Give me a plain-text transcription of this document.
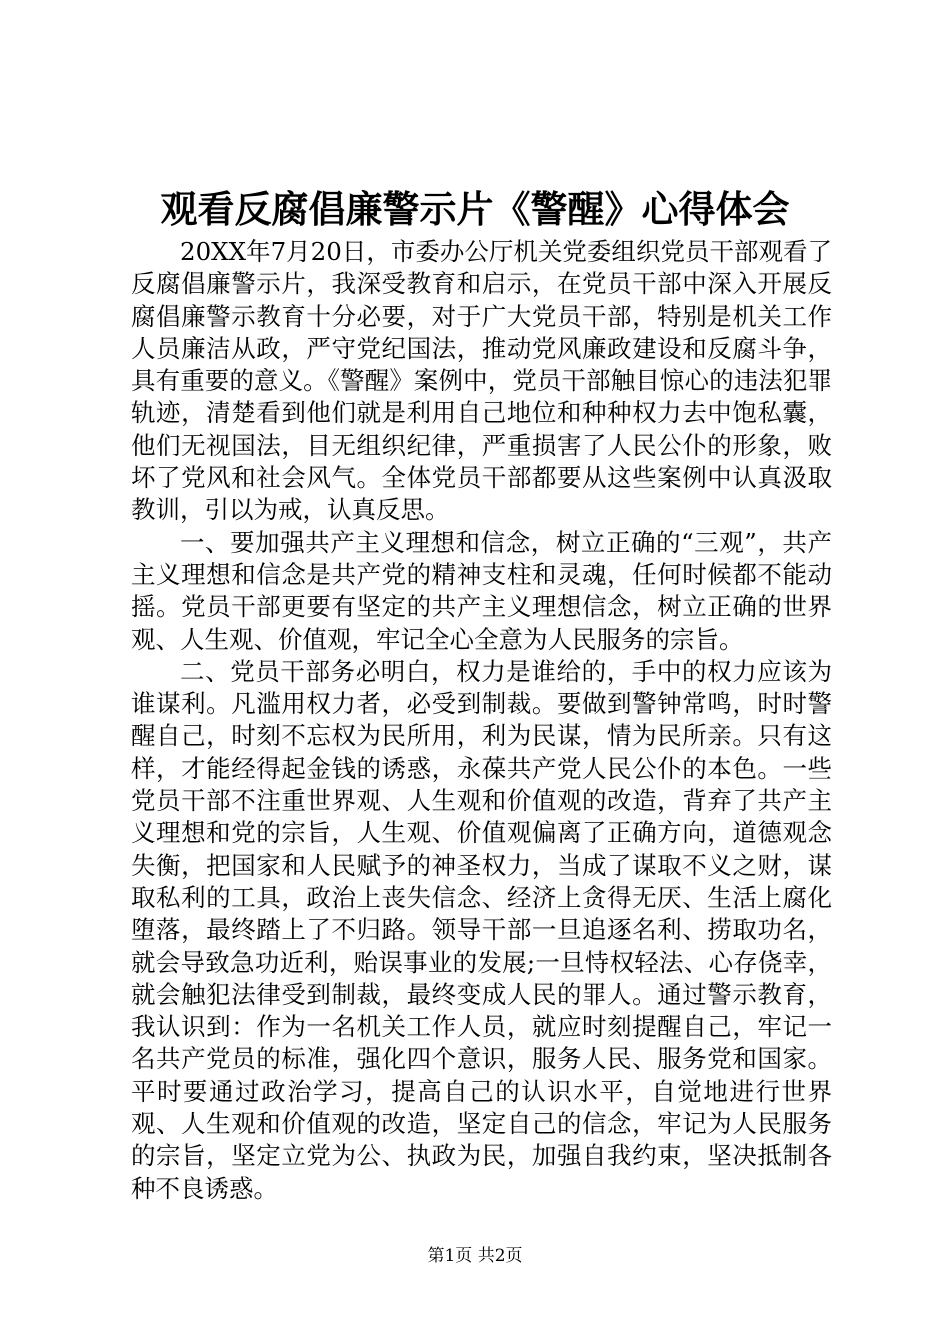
观看反腐倡廉警示片《警醒》心得体会

20XX年7月20日，市委办公厅机关党委组织党员干部观看了反腐倡廉警示片，我深受教育和启示，在党员干部中深入开展反腐倡廉警示教育十分必要，对于广大党员干部，特别是机关工作人员廉洁从政，严守党纪国法，推动党风廉政建设和反腐斗争，具有重要的意义。《警醒》案例中，党员干部触目惊心的违法犯罪轨迹，清楚看到他们就是利用自己地位和种种权力去中饱私囊，他们无视国法，目无组织纪律，严重损害了人民公仆的形象，败坏了党风和社会风气。全体党员干部都要从这些案例中认真汲取教训，引以为戒，认真反思。

一、要加强共产主义理想和信念，树立正确的“三观”，共产主义理想和信念是共产党的精神支柱和灵魂，任何时候都不能动摇。党员干部更要有坚定的共产主义理想信念，树立正确的世界观、人生观、价值观，牢记全心全意为人民服务的宗旨。

二、党员干部务必明白，权力是谁给的，手中的权力应该为谁谋利。凡滥用权力者，必受到制裁。要做到警钟常鸣，时时警醒自己，时刻不忘权为民所用，利为民谋，情为民所亲。只有这样，才能经得起金钱的诱惑，永葆共产党人民公仆的本色。一些党员干部不注重世界观、人生观和价值观的改造，背弃了共产主义理想和党的宗旨，人生观、价值观偏离了正确方向，道德观念失衡，把国家和人民赋予的神圣权力，当成了谋取不义之财，谋取私利的工具，政治上丧失信念、经济上贪得无厌、生活上腐化堕落，最终踏上了不归路。领导干部一旦追逐名利、捞取功名，就会导致急功近利，贻误事业的发展;一旦恃权轻法、心存侥幸，就会触犯法律受到制裁，最终变成人民的罪人。通过警示教育，我认识到：作为一名机关工作人员，就应时刻提醒自己，牢记一名共产党员的标准，强化四个意识，服务人民、服务党和国家。平时要通过政治学习，提高自己的认识水平，自觉地进行世界观、人生观和价值观的改造，坚定自己的信念，牢记为人民服务的宗旨，坚定立党为公、执政为民，加强自我约束，坚决抵制各种不良诱惑。

第1页 共2页
